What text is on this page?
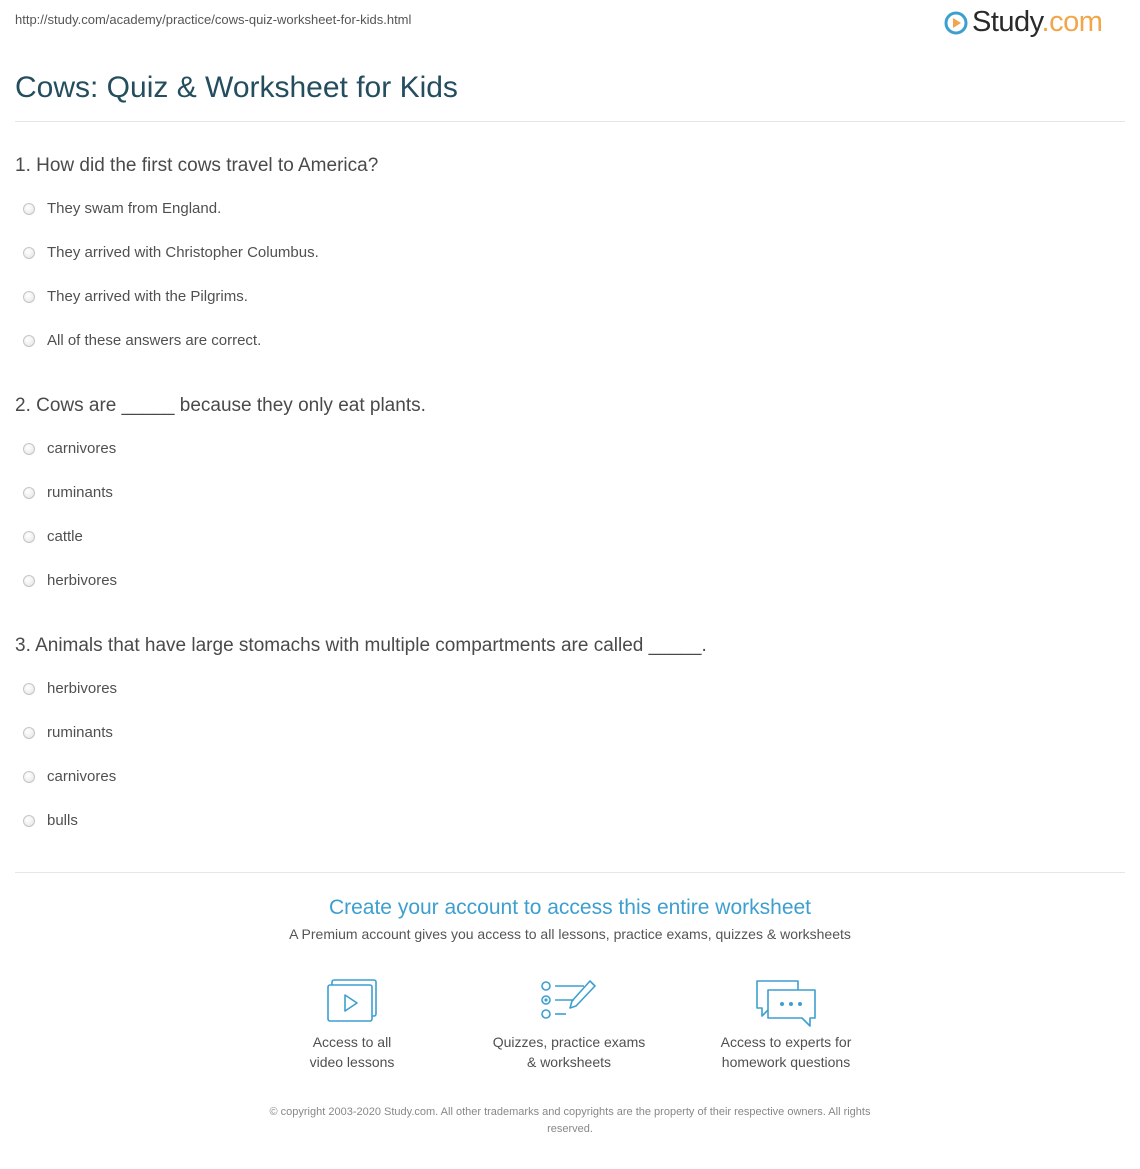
http://study.com/academy/practice/cows-quiz-worksheet-for-kids.html	Study.com
Cows: Quiz & Worksheet for Kids
1. How did the first cows travel to America?
They swam from England.
They arrived with Christopher Columbus.
They arrived with the Pilgrims.
All of these answers are correct.
2. Cows are _____ because they only eat plants.
carnivores
ruminants
cattle
herbivores
3. Animals that have large stomachs with multiple compartments are called _____.
herbivores
ruminants
carnivores
bulls
Create your account to access this entire worksheet
A Premium account gives you access to all lessons, practice exams, quizzes & worksheets
Access to all
video lessons
Quizzes, practice exams
& worksheets
Access to experts for
homework questions
© copyright 2003-2020 Study.com. All other trademarks and copyrights are the property of their respective owners. All rights
reserved.
